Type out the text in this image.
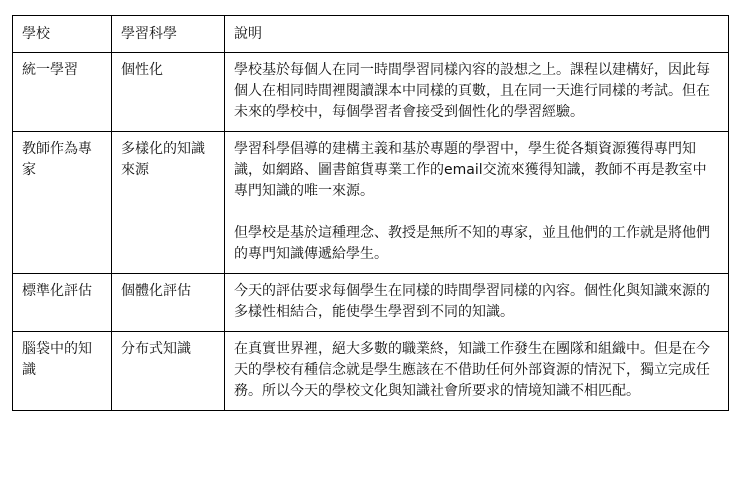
學校	學習科學	說明
統一學習	個性化	學校基於每個人在同一時間學習同樣內容的設想之上。課程以建構好，因此每個人在相同時間裡閱讀課本中同樣的頁數，且在同一天進行同樣的考試。但在未來的學校中，每個學習者會接受到個性化的學習經驗。

教師作為專家	多樣化的知識來源	學習科學倡導的建構主義和基於專題的學習中，學生從各類資源獲得專門知識，如網路、圖書館貨專業工作的email交流來獲得知識，教師不再是教室中專門知識的唯一來源。

但學校是基於這種理念、教授是無所不知的專家，並且他們的工作就是將他們的專門知識傳遞給學生。

標準化評估	個體化評估	今天的評估要求每個學生在同樣的時間學習同樣的內容。個性化與知識來源的多樣性相結合，能使學生學習到不同的知識。

腦袋中的知識	分布式知識	在真實世界裡，絕大多數的職業終，知識工作發生在團隊和組織中。但是在今天的學校有種信念就是學生應該在不借助任何外部資源的情況下，獨立完成任務。所以今天的學校文化與知識社會所要求的情境知識不相匹配。
